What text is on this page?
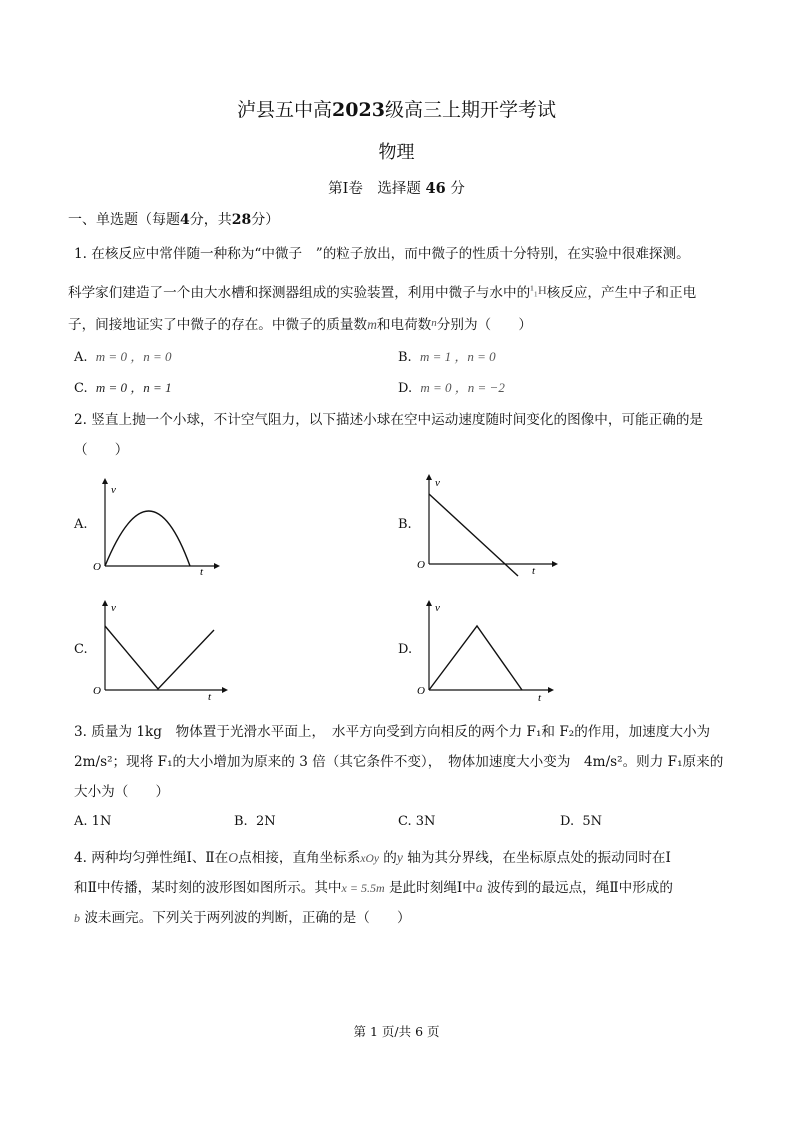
泸县五中高2023级高三上期开学考试
物理
第Ⅰ卷　选择题 46 分
一、单选题（每题4分，共28分）
1. 在核反应中常伴随一种称为“中微子　”的粒子放出，而中微子的性质十分特别，在实验中很难探测。
科学家们建造了一个由大水槽和探测器组成的实验装置，利用中微子与水中的¹₁H核反应，产生中子和正电
子，间接地证实了中微子的存在。中微子的质量数m和电荷数$^n$分别为（　　）
A. m = 0 ，n = 0	B. m = 1 ，n = 0
C. m = 0 ，n = 1	D. m = 0 ，n = −2
2. 竖直上抛一个小球，不计空气阻力，以下描述小球在空中运动速度随时间变化的图像中，可能正确的是
（　　）
A.
v
t
O
B.
v
t
O
C.
v
t
O
D.
v
t
O
3. 质量为 1kg　物体置于光滑水平面上，　水平方向受到方向相反的两个力 F₁和 F₂的作用，加速度大小为
2m/s²；现将 F₁的大小增加为原来的 3 倍（其它条件不变），　物体加速度大小变为　4m/s²。则力 F₁原来的
大小为（　　）
A. 1N	B. 2N	C. 3N	D. 5N
4. 两种均匀弹性绳Ⅰ、Ⅱ在O点相接，直角坐标系xOy 的y 轴为其分界线，在坐标原点处的振动同时在Ⅰ
和Ⅱ中传播，某时刻的波形图如图所示。其中x = 5.5m 是此时刻绳Ⅰ中a 波传到的最远点，绳Ⅱ中形成的
b 波未画完。下列关于两列波的判断，正确的是（　　）
第 1 页/共 6 页
